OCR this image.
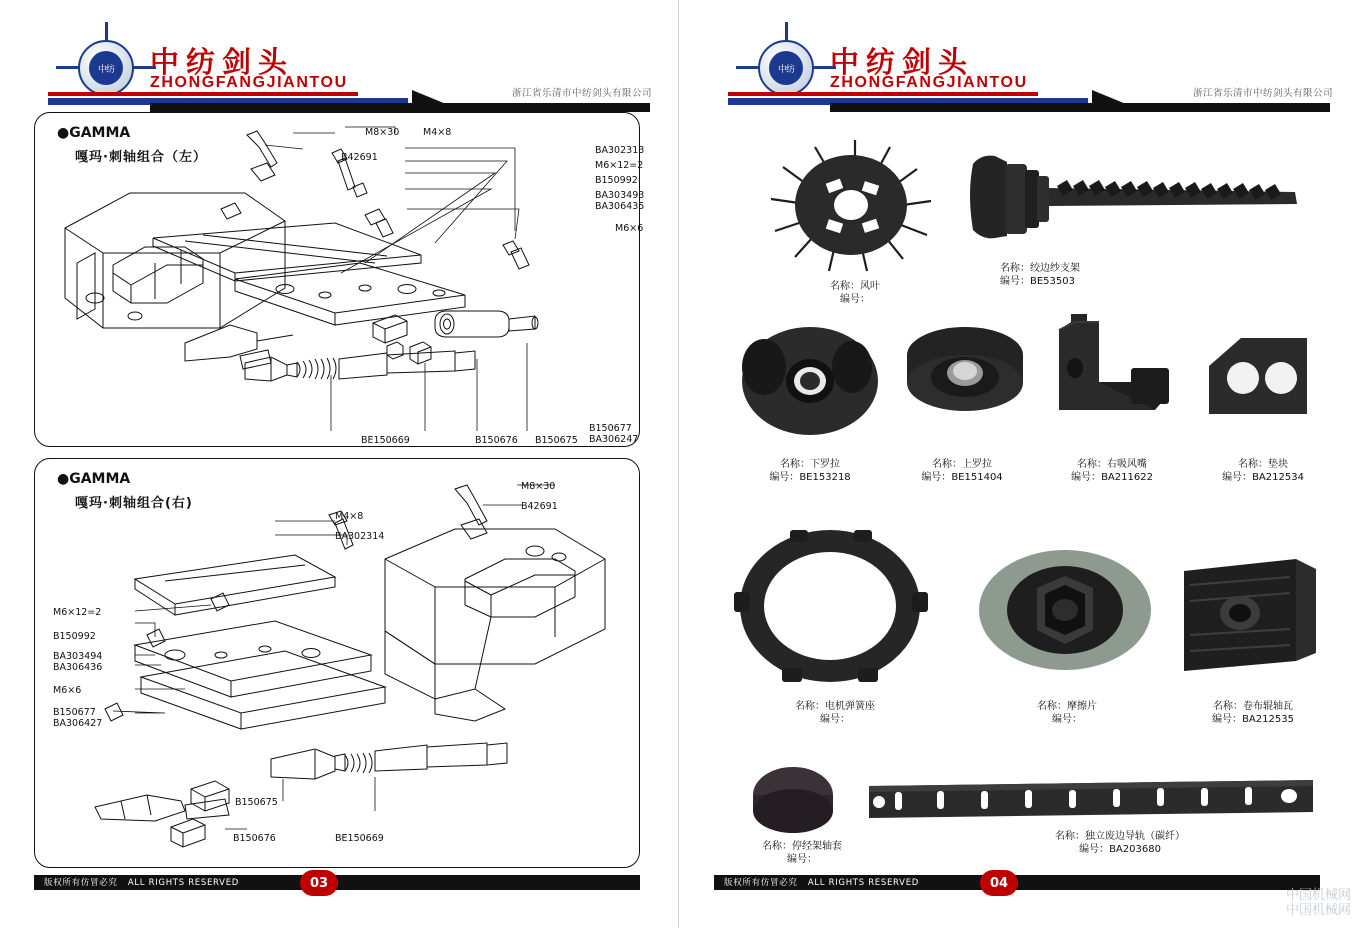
中纺	中纺剑头
ZHONGFANGJIANTOU
浙江省乐清市中纺剑头有限公司
●GAMMA
嘎玛·刺轴组合（左）
M8×30 M4×8
B42691
BA302313
M6×12=2
B150992
BA303493
BA306435
M6×6
BE150669	B150676 B150675
B150677
BA306247
●GAMMA
嘎玛·刺轴组合(右)
M8×30
M4×8
B42691
BA302314
M6×12=2
B150992
BA303494
BA306436
M6×6
B150677
BA306427
B150675
B150676	BE150669
版权所有仿冒必究 ALL RIGHTS RESERVED	03
中纺	中纺剑头
ZHONGFANGJIANTOU
浙江省乐清市中纺剑头有限公司
名称：风叶
编号：
名称：绞边纱支架
编号：BE53503
名称：下罗拉
编号：BE153218
名称：上罗拉
编号：BE151404
名称：右吸风嘴
编号：BA211622
名称：垫块
编号：BA212534
名称：电机弹簧座
编号：
名称：摩擦片
编号：
名称：卷布辊轴瓦
编号：BA212535
名称：停经架轴套
编号：
名称：独立废边导轨（碳纤）
编号：BA203680
版权所有仿冒必究 ALL RIGHTS RESERVED	04
中国机械网
中国机械网
